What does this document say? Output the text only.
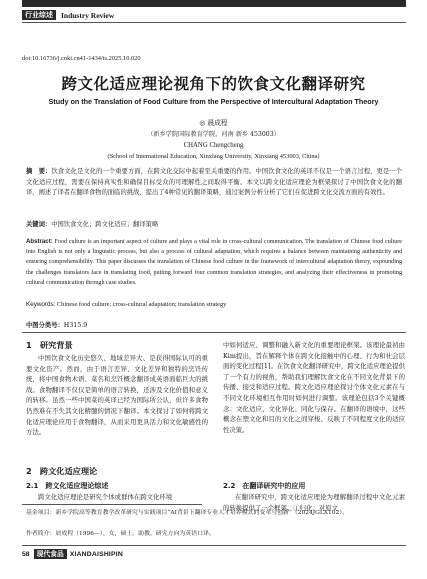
行业综述	Industry Review
doi:10.16736/j.cnki.cn41-1434/ts.2025.10.020
跨文化适应理论视角下的饮食文化翻译研究
Study on the Translation of Food Culture from the Perspective of Intercultural Adaptation Theory
◎ 晨成程
（新乡学院国际教育学院，河南 新乡 453003）
CHANG Chengcheng
(School of International Education, Xinxiang University, Xinxiang 453003, China)
摘　要：饮食文化是文化的一个重要方面，在跨文化交际中起着至关重要的作用。中国饮食文化的英译不仅是一个语言过程，更是一个文化适应过程，需要在保持真实性和确保目标受众的可理解性之间取得平衡。本文以跨文化适应理论为框架探讨了中国饮食文化的翻译，阐述了译者在翻译食物的面临的挑战，提出了4种常见的翻译策略，通过案例分析分析了它们在促进跨文化交流方面的有效性。
关键词：中国饮食文化；跨文化适应；翻译策略
Abstract: Food culture is an important aspect of culture and plays a vital role in cross-cultural communication. The translation of Chinese food culture into English is not only a linguistic process, but also a process of cultural adaptation, which requires a balance between maintaining authenticity and ensuring comprehensibility. This paper discusses the translation of Chinese food culture in the framework of intercultural adaptation theory, expounding the challenges translators face in translating food, putting forward four common translation strategies, and analyzing their effectiveness in promoting cultural communication through case studies.
Keywords: Chinese food culture; cross-cultural adaptation; translation strategy
中图分类号：H315.9
1　研究背景
中国饮食文化历史悠久、地域差异大、是获得国际认可的重要文化资产。然而，由于语言差异、文化差异和独特的烹饪传统，将中国食物术语、菜名和烹饪概念翻译成英语面临巨大的挑战。食物翻译不仅仅是简单的语言转换，还涉及文化价值和意义的转移。虽然一些中国菜的英译已经为国际所公认，但许多食物仍然难在不失其文化精髓的情况下翻译。本文探讨了如何将跨文化适应理论应用于食物翻译，从而采用更具活力和文化敏感性的方法。
2　跨文化适应理论
2.1　跨文化适应理论综述
跨文化适应理论是研究个体或群体在跨文化环境
中如何适应、调整和融入新文化的重要理论框架。该理论最初由Kim提出，旨在解释个体在跨文化接触中的心理、行为和社会层面的变化过程[1]。在饮食文化翻译研究中，跨文化适应理论提供了一个有力的视角，帮助我们理解饮食文化在不同文化背景下的传播、接受和适应过程。跨文化适应理论探讨个体文化元素在与不同文化环境相互作用时如何进行调整。该理论包括3个关键概念：文化适应、文化异化、同化与保存。在翻译的语境中，这些概念在塑文化和目的文化之间穿梭、反映了不同程度文化的适应性决策。
2.2　在翻译研究中的应用
在翻译研究中，跨文化适应理论为理解翻译过程中文化元素的转换提供了一个框架。①归化：对原文
基金项目：新乡学院高等教育教学改革研究与实践项目“AI背景下翻译专业人才培养模式的变革与创新”（2024JGLX102）。
作者简介：晨成程（1996—），女，硕士，助教，研究方向为英语口译。
58	现代食品 XIANDAISHIPIN
